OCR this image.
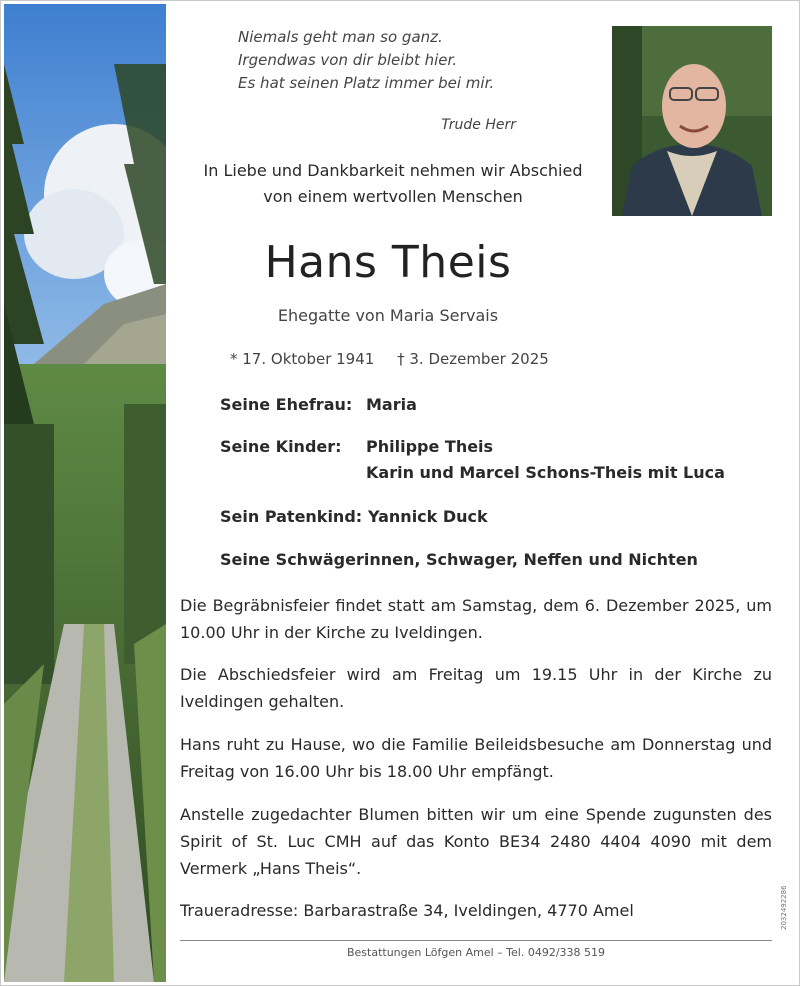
Niemals geht man so ganz.
Irgendwas von dir bleibt hier.
Es hat seinen Platz immer bei mir.
Trude Herr
In Liebe und Dankbarkeit nehmen wir Abschied
von einem wertvollen Menschen
Hans Theis
Ehegatte von Maria Servais
* 17. Oktober 1941 † 3. Dezember 2025
Seine Ehefrau: Maria
Seine Kinder: Philippe Theis
Karin und Marcel Schons-Theis mit Luca
Sein Patenkind: Yannick Duck
Seine Schwägerinnen, Schwager, Neffen und Nichten
Die Begräbnisfeier findet statt am Samstag, dem 6. Dezember 2025, um 10.00 Uhr in der Kirche zu Iveldingen.
Die Abschiedsfeier wird am Freitag um 19.15 Uhr in der Kirche zu Iveldingen gehalten.
Hans ruht zu Hause, wo die Familie Beileidsbesuche am Donnerstag und Freitag von 16.00 Uhr bis 18.00 Uhr empfängt.
Anstelle zugedachter Blumen bitten wir um eine Spende zugunsten des Spirit of St. Luc CMH auf das Konto BE34 2480 4404 4090 mit dem Vermerk „Hans Theis“.
Traueradresse: Barbarastraße 34, Iveldingen, 4770 Amel
Bestattungen Löfgen Amel – Tel. 0492/338 519
2032492286
